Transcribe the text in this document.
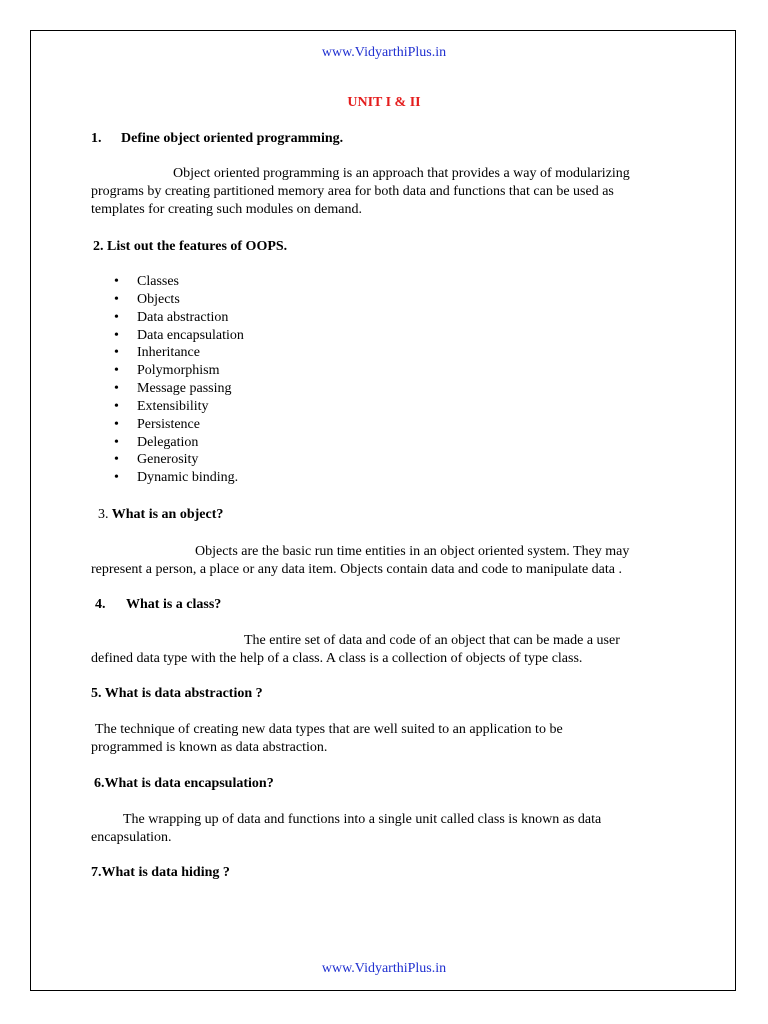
www.VidyarthiPlus.in
UNIT I & II
1. Define object oriented programming.
Object oriented programming is an approach that provides a way of modularizing
programs by creating partitioned memory area for both data and functions that can be used as
templates for creating such modules on demand.
2. List out the features of OOPS.
• Classes
• Objects
• Data abstraction
• Data encapsulation
• Inheritance
• Polymorphism
• Message passing
• Extensibility
• Persistence
• Delegation
• Generosity
• Dynamic binding.
3. What is an object?
Objects are the basic run time entities in an object oriented system. They may
represent a person, a place or any data item. Objects contain data and code to manipulate data .
4. What is a class?
The entire set of data and code of an object that can be made a user
defined data type with the help of a class. A class is a collection of objects of type class.
5. What is data abstraction ?
The technique of creating new data types that are well suited to an application to be
programmed is known as data abstraction.
6.What is data encapsulation?
The wrapping up of data and functions into a single unit called class is known as data
encapsulation.
7.What is data hiding ?
www.VidyarthiPlus.in
